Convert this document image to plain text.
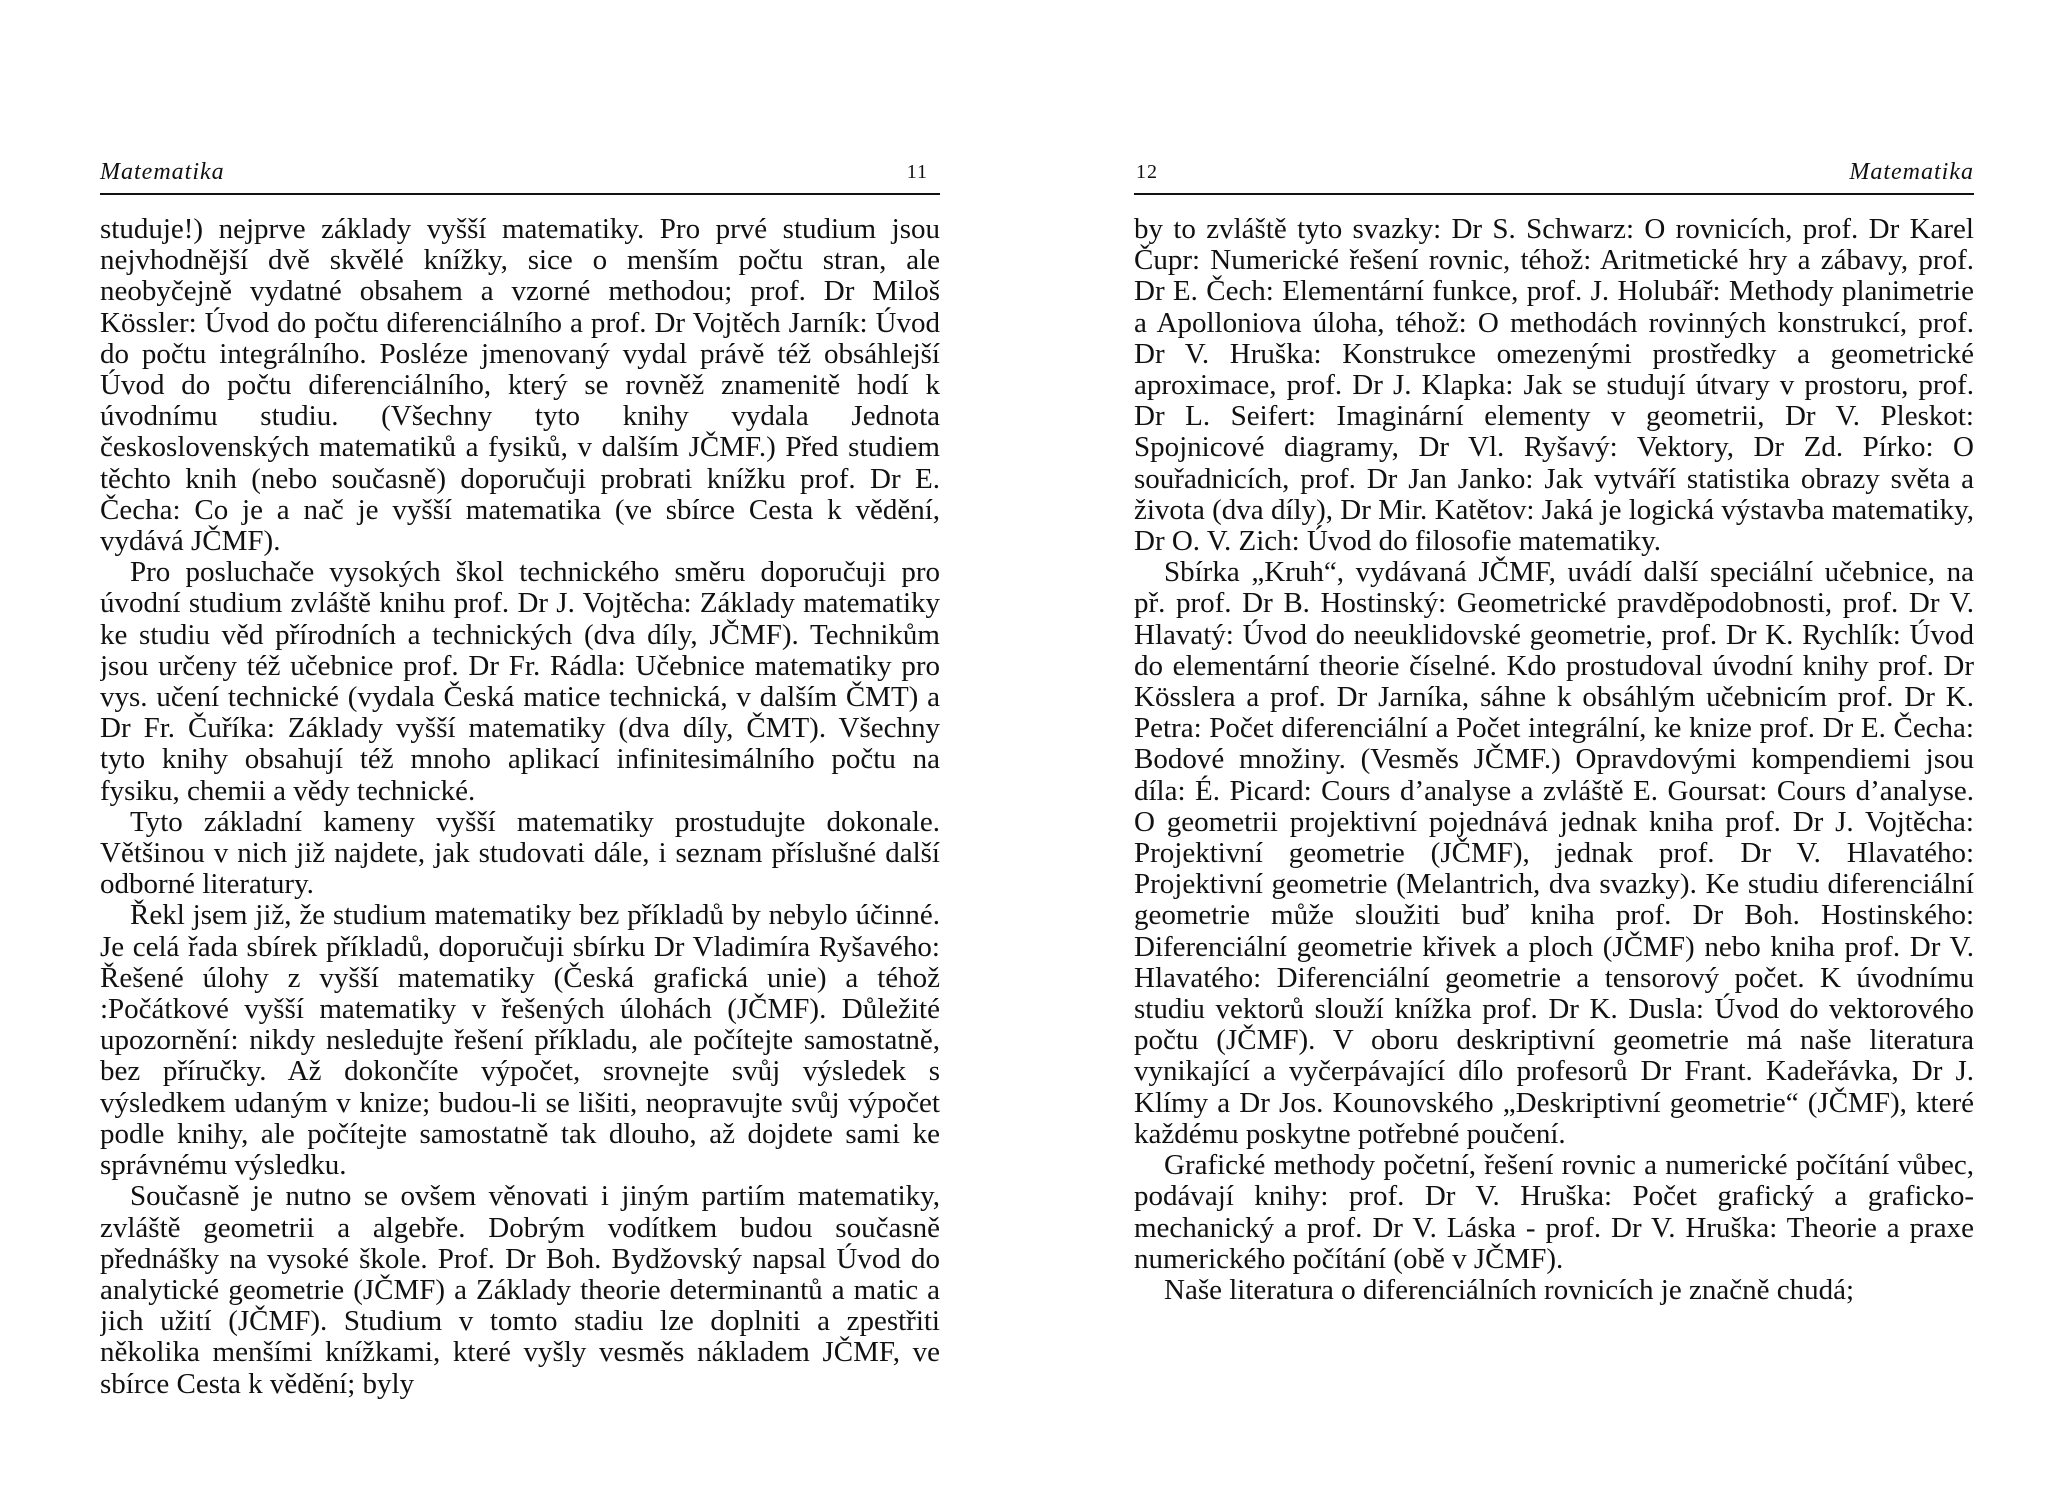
Matematika	11

studuje!) nejprve základy vyšší matematiky. Pro prvé studium jsou nejvhodnější dvě skvělé knížky, sice o menším počtu stran, ale neobyčejně vydatné obsahem a vzorné methodou; prof. Dr Miloš Kössler: Úvod do počtu diferenciálního a prof. Dr Vojtěch Jarník: Úvod do počtu integrálního. Posléze jmenovaný vydal právě též obsáhlejší Úvod do počtu diferenciálního, který se rovněž znamenitě hodí k úvodnímu studiu. (Všechny tyto knihy vydala Jednota československých matematiků a fysiků, v dalším JČMF.) Před studiem těchto knih (nebo současně) doporučuji probrati knížku prof. Dr E. Čecha: Co je a nač je vyšší matematika (ve sbírce Cesta k vědění, vydává JČMF).

Pro posluchače vysokých škol technického směru doporučuji pro úvodní studium zvláště knihu prof. Dr J. Vojtěcha: Základy matematiky ke studiu věd přírodních a technických (dva díly, JČMF). Technikům jsou určeny též učebnice prof. Dr Fr. Rádla: Učebnice matematiky pro vys. učení technické (vydala Česká matice technická, v dalším ČMT) a Dr Fr. Čuříka: Základy vyšší matematiky (dva díly, ČMT). Všechny tyto knihy obsahují též mnoho aplikací infinitesimálního počtu na fysiku, chemii a vědy technické.

Tyto základní kameny vyšší matematiky prostudujte dokonale. Většinou v nich již najdete, jak studovati dále, i seznam příslušné další odborné literatury.

Řekl jsem již, že studium matematiky bez příkladů by nebylo účinné. Je celá řada sbírek příkladů, doporučuji sbírku Dr Vladimíra Ryšavého: Řešené úlohy z vyšší matematiky (Česká grafická unie) a téhož :Počátkové vyšší matematiky v řešených úlohách (JČMF). Důležité upozornění: nikdy nesledujte řešení příkladu, ale počítejte samostatně, bez příručky. Až dokončíte výpočet, srovnejte svůj výsledek s výsledkem udaným v knize; budou-li se lišiti, neopravujte svůj výpočet podle knihy, ale počítejte samostatně tak dlouho, až dojdete sami ke správnému výsledku.

Současně je nutno se ovšem věnovati i jiným partiím matematiky, zvláště geometrii a algebře. Dobrým vodítkem budou současně přednášky na vysoké škole. Prof. Dr Boh. Bydžovský napsal Úvod do analytické geometrie (JČMF) a Základy theorie determinantů a matic a jich užití (JČMF). Studium v tomto stadiu lze doplniti a zpestřiti několika menšími knížkami, které vyšly vesměs nákladem JČMF, ve sbírce Cesta k vědění; byly

12	Matematika

by to zvláště tyto svazky: Dr S. Schwarz: O rovnicích, prof. Dr Karel Čupr: Numerické řešení rovnic, téhož: Aritmetické hry a zábavy, prof. Dr E. Čech: Elementární funkce, prof. J. Holubář: Methody planimetrie a Apolloniova úloha, téhož: O methodách rovinných konstrukcí, prof. Dr V. Hruška: Konstrukce omezenými prostředky a geometrické aproximace, prof. Dr J. Klapka: Jak se studují útvary v prostoru, prof. Dr L. Seifert: Imaginární elementy v geometrii, Dr V. Pleskot: Spojnicové diagramy, Dr Vl. Ryšavý: Vektory, Dr Zd. Pírko: O souřadnicích, prof. Dr Jan Janko: Jak vytváří statistika obrazy světa a života (dva díly), Dr Mir. Katětov: Jaká je logická výstavba matematiky, Dr O. V. Zich: Úvod do filosofie matematiky.

Sbírka „Kruh“, vydávaná JČMF, uvádí další speciální učebnice, na př. prof. Dr B. Hostinský: Geometrické pravděpodobnosti, prof. Dr V. Hlavatý: Úvod do neeuklidovské geometrie, prof. Dr K. Rychlík: Úvod do elementární theorie číselné. Kdo prostudoval úvodní knihy prof. Dr Kösslera a prof. Dr Jarníka, sáhne k obsáhlým učebnicím prof. Dr K. Petra: Počet diferenciální a Počet integrální, ke knize prof. Dr E. Čecha: Bodové množiny. (Vesměs JČMF.) Opravdovými kompendiemi jsou díla: É. Picard: Cours d’analyse a zvláště E. Goursat: Cours d’analyse. O geometrii projektivní pojednává jednak kniha prof. Dr J. Vojtěcha: Projektivní geometrie (JČMF), jednak prof. Dr V. Hlavatého: Projektivní geometrie (Melantrich, dva svazky). Ke studiu diferenciální geometrie může sloužiti buď kniha prof. Dr Boh. Hostinského: Diferenciální geometrie křivek a ploch (JČMF) nebo kniha prof. Dr V. Hlavatého: Diferenciální geometrie a tensorový počet. K úvodnímu studiu vektorů slouží knížka prof. Dr K. Dusla: Úvod do vektorového počtu (JČMF). V oboru deskriptivní geometrie má naše literatura vynikající a vyčerpávající dílo profesorů Dr Frant. Kadeřávka, Dr J. Klímy a Dr Jos. Kounovského „Deskriptivní geometrie“ (JČMF), které každému poskytne potřebné poučení.

Grafické methody početní, řešení rovnic a numerické počítání vůbec, podávají knihy: prof. Dr V. Hruška: Počet grafický a graficko-mechanický a prof. Dr V. Láska - prof. Dr V. Hruška: Theorie a praxe numerického počítání (obě v JČMF).

Naše literatura o diferenciálních rovnicích je značně chudá;
